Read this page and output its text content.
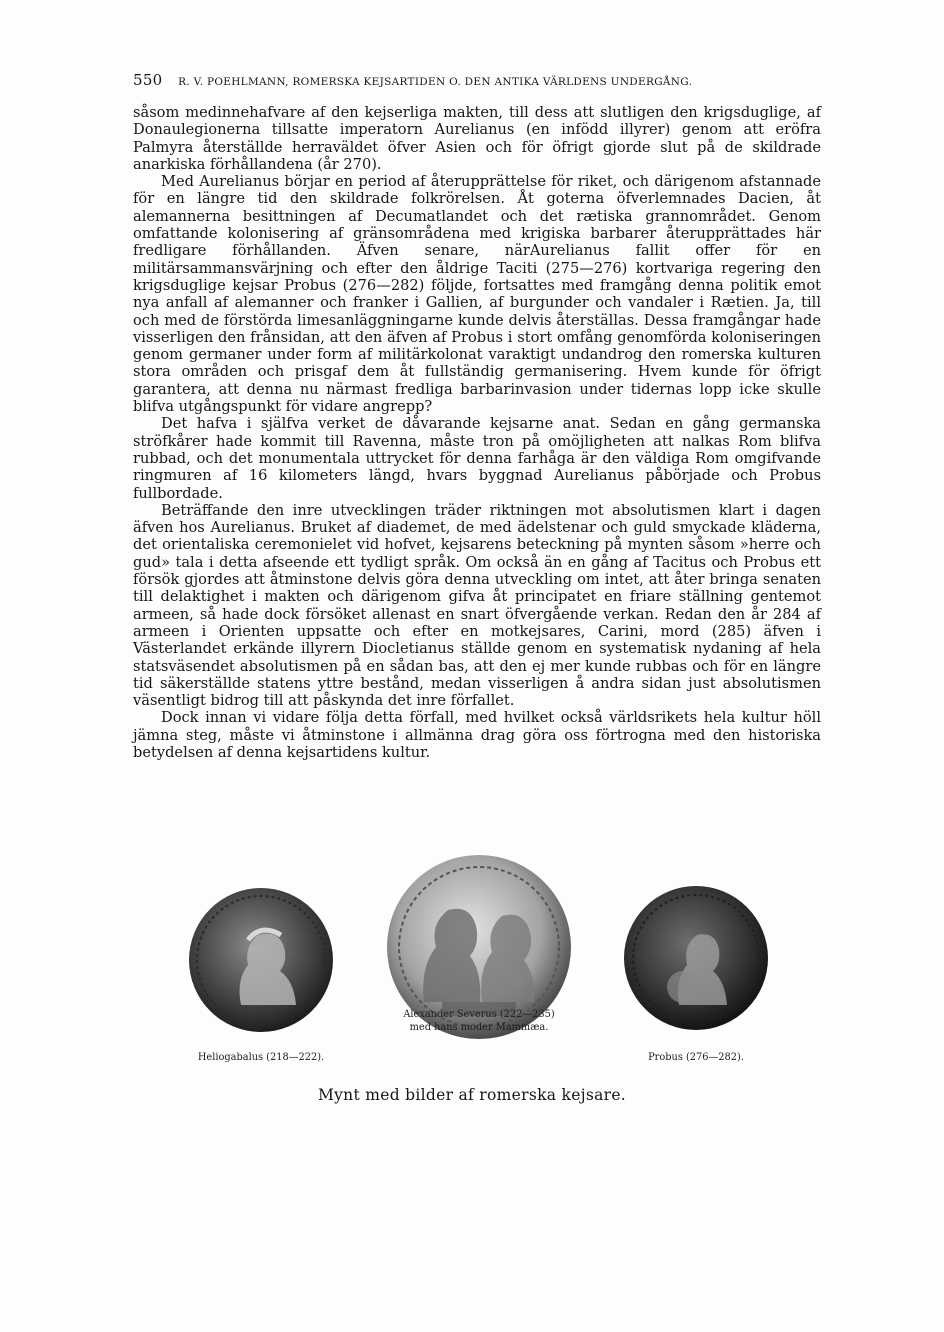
550 R. V. POEHLMANN, ROMERSKA KEJSARTIDEN O. DEN ANTIKA VÄRLDENS UNDERGÅNG.

såsom medinnehafvare af den kejserliga makten, till dess att slutligen den krigsduglige, af Donaulegionerna tillsatte imperatorn Aurelianus (en infödd illyrer) genom att eröfra Palmyra återställde herraväldet öfver Asien och för öfrigt gjorde slut på de skildrade anarkiska förhållandena (år 270).

Med Aurelianus börjar en period af återupprättelse för riket, och därigenom afstannade för en längre tid den skildrade folkrörelsen. Åt goterna öfverlemnades Dacien, åt alemannerna besittningen af Decumatlandet och det rætiska grannområdet. Genom omfattande kolonisering af gränsområdena med krigiska barbarer återupprättades här fredligare förhållanden. Äfven senare, närAurelianus fallit offer för en militärsammansvärjning och efter den åldrige Taciti (275—276) kortvariga regering den krigsduglige kejsar Probus (276—282) följde, fortsattes med framgång denna politik emot nya anfall af alemanner och franker i Gallien, af burgunder och vandaler i Rætien. Ja, till och med de förstörda limesanläggningarne kunde delvis återställas. Dessa framgångar hade visserligen den frånsidan, att den äfven af Probus i stort omfång genomförda koloniseringen genom germaner under form af militärkolonat varaktigt undandrog den romerska kulturen stora områden och prisgaf dem åt fullständig germanisering. Hvem kunde för öfrigt garantera, att denna nu närmast fredliga barbarinvasion under tidernas lopp icke skulle blifva utgångspunkt för vidare angrepp?

Det hafva i själfva verket de dåvarande kejsarne anat. Sedan en gång germanska ströfkårer hade kommit till Ravenna, måste tron på omöjligheten att nalkas Rom blifva rubbad, och det monumentala uttrycket för denna farhåga är den väldiga Rom omgifvande ringmuren af 16 kilometers längd, hvars byggnad Aurelianus påbörjade och Probus fullbordade.

Beträffande den inre utvecklingen träder riktningen mot absolutismen klart i dagen äfven hos Aurelianus. Bruket af diademet, de med ädelstenar och guld smyckade kläderna, det orientaliska ceremonielet vid hofvet, kejsarens beteckning på mynten såsom »herre och gud» tala i detta afseende ett tydligt språk. Om också än en gång af Tacitus och Probus ett försök gjordes att åtminstone delvis göra denna utveckling om intet, att åter bringa senaten till delaktighet i makten och därigenom gifva åt principatet en friare ställning gentemot armeen, så hade dock försöket allenast en snart öfvergående verkan. Redan den år 284 af armeen i Orienten uppsatte och efter en motkejsares, Carini, mord (285) äfven i Västerlandet erkände illyrern Diocletianus ställde genom en systematisk nydaning af hela statsväsendet absolutismen på en sådan bas, att den ej mer kunde rubbas och för en längre tid säkerställde statens yttre bestånd, medan visserligen å andra sidan just absolutismen väsentligt bidrog till att påskynda det inre förfallet.

Dock innan vi vidare följa detta förfall, med hvilket också världsrikets hela kultur höll jämna steg, måste vi åtminstone i allmänna drag göra oss förtrogna med den historiska betydelsen af denna kejsartidens kultur.

Heliogabalus (218—222).
Alexander Severus (222—235)
med hans moder Mammæa.
Probus (276—282).
Mynt med bilder af romerska kejsare.
